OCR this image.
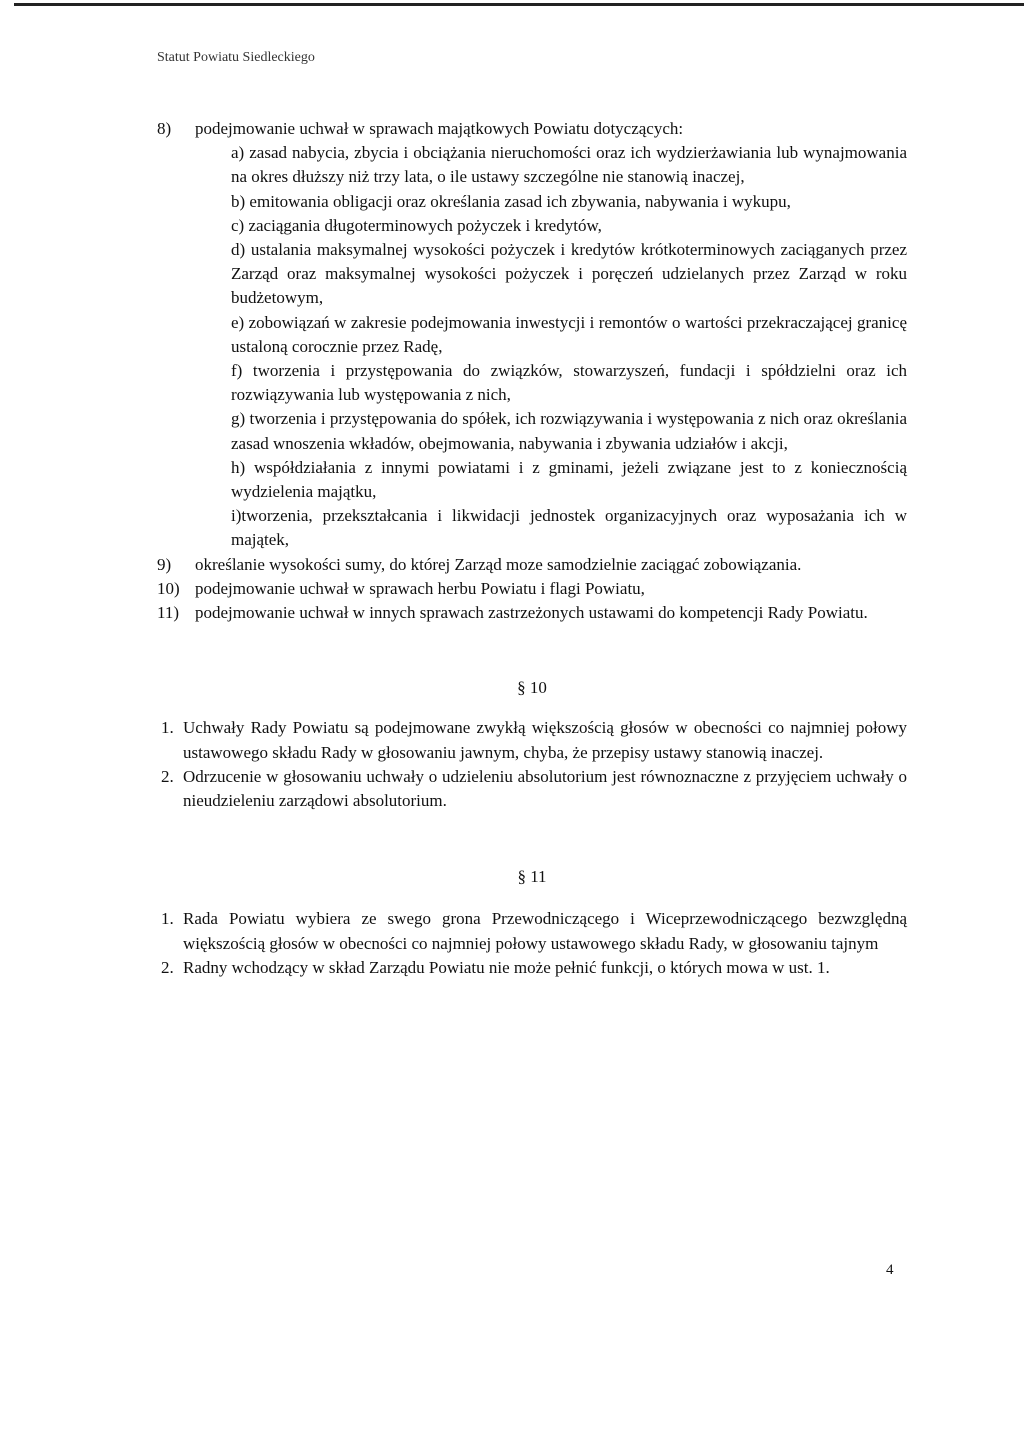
Statut Powiatu Siedleckiego
8) podejmowanie uchwał w sprawach majątkowych Powiatu dotyczących:
a) zasad nabycia, zbycia i obciążania nieruchomości oraz ich wydzierżawiania lub wynajmowania na okres dłuższy niż trzy lata, o ile ustawy szczególne nie stanowią inaczej,
b) emitowania obligacji oraz określania zasad ich zbywania, nabywania i wykupu,
c) zaciągania długoterminowych pożyczek i kredytów,
d) ustalania maksymalnej wysokości pożyczek i kredytów krótkoterminowych zaciąganych przez Zarząd oraz maksymalnej wysokości pożyczek i poręczeń udzielanych przez Zarząd w roku budżetowym,
e) zobowiązań w zakresie podejmowania inwestycji i remontów o wartości przekraczającej granicę ustaloną corocznie przez Radę,
f) tworzenia i przystępowania do związków, stowarzyszeń, fundacji i spółdzielni oraz ich rozwiązywania lub występowania z nich,
g) tworzenia i przystępowania do spółek, ich rozwiązywania i występowania z nich oraz określania zasad wnoszenia wkładów, obejmowania, nabywania i zbywania udziałów i akcji,
h) współdziałania z innymi powiatami i z gminami, jeżeli związane jest to z koniecznością wydzielenia majątku,
i)tworzenia, przekształcania i likwidacji jednostek organizacyjnych oraz wyposażania ich w majątek,
9) określanie wysokości sumy, do której Zarząd moze samodzielnie zaciągać zobowiązania.
10) podejmowanie uchwał w sprawach herbu Powiatu i flagi Powiatu,
11) podejmowanie uchwał w innych sprawach zastrzeżonych ustawami do kompetencji Rady Powiatu.

§ 10

1. Uchwały Rady Powiatu są podejmowane zwykłą większością głosów w obecności co najmniej połowy ustawowego składu Rady w głosowaniu jawnym, chyba, że przepisy ustawy stanowią inaczej.
2. Odrzucenie w głosowaniu uchwały o udzieleniu absolutorium jest równoznaczne z przyjęciem uchwały o nieudzieleniu zarządowi absolutorium.

§ 11

1. Rada Powiatu wybiera ze swego grona Przewodniczącego i Wiceprzewodniczącego bezwzględną większością głosów w obecności co najmniej połowy ustawowego składu Rady, w głosowaniu tajnym
2. Radny wchodzący w skład Zarządu Powiatu nie może pełnić funkcji, o których mowa w ust. 1.
4
